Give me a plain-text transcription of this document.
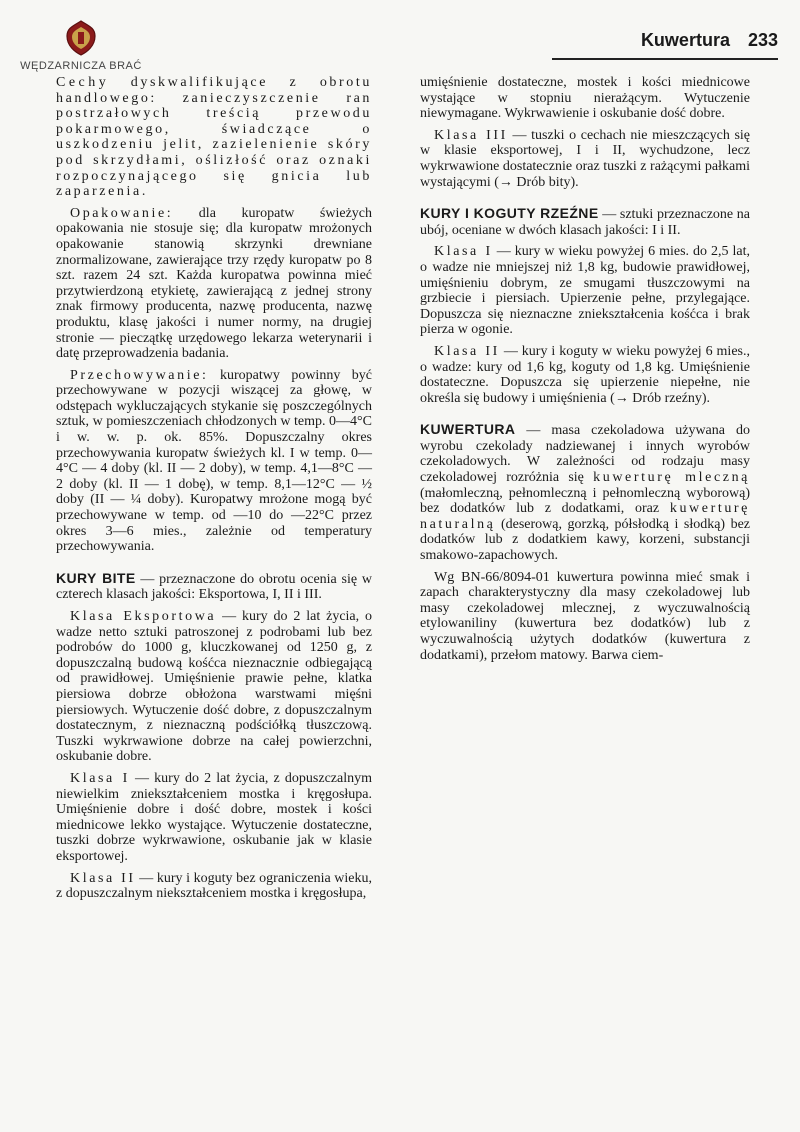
WĘDZARNICZA BRAĆ
Kuwertura 233

Cechy dyskwalifikujące z obrotu handlowego: zanieczyszczenie ran postrzałowych treścią przewodu pokarmowego, świadczące o uszkodzeniu jelit, zazielenienie skóry pod skrzydłami, oślizłość oraz oznaki rozpoczynającego się gnicia lub zaparzenia.

Opakowanie: dla kuropatw świeżych opakowania nie stosuje się; dla kuropatw mrożonych opakowanie stanowią skrzynki drewniane znormalizowane, zawierające trzy rzędy kuropatw po 8 szt. razem 24 szt. Każda kuropatwa powinna mieć przytwierdzoną etykietę, zawierającą z jednej strony znak firmowy producenta, nazwę producenta, nazwę produktu, klasę jakości i numer normy, na drugiej stronie — pieczątkę urzędowego lekarza weterynarii i datę przeprowadzenia badania.

Przechowywanie: kuropatwy powinny być przechowywane w pozycji wiszącej za głowę, w odstępach wykluczających stykanie się poszczególnych sztuk, w pomieszczeniach chłodzonych w temp. 0—4°C i w. w. p. ok. 85%. Dopuszczalny okres przechowywania kuropatw świeżych kl. I w temp. 0—4°C — 4 doby (kl. II — 2 doby), w temp. 4,1—8°C — 2 doby (kl. II — 1 dobę), w temp. 8,1—12°C — ½ doby (II — ¼ doby). Kuropatwy mrożone mogą być przechowywane w temp. od —10 do —22°C przez okres 3—6 mies., zależnie od temperatury przechowywania.

KURY BITE — przeznaczone do obrotu ocenia się w czterech klasach jakości: Eksportowa, I, II i III.

Klasa Eksportowa — kury do 2 lat życia, o wadze netto sztuki patroszonej z podrobami lub bez podrobów do 1000 g, kluczkowanej od 1250 g, z dopuszczalną budową kośćca nieznacznie odbiegającą od prawidłowej. Umięśnienie prawie pełne, klatka piersiowa dobrze obłożona warstwami mięśni piersiowych. Wytuczenie dość dobre, z dopuszczalnym dostatecznym, z nieznaczną podściółką tłuszczową. Tuszki wykrwawione dobrze na całej powierzchni, oskubanie dobre.

Klasa I — kury do 2 lat życia, z dopuszczalnym niewielkim zniekształceniem mostka i kręgosłupa. Umięśnienie dobre i dość dobre, mostek i kości miednicowe lekko wystające. Wytuczenie dostateczne, tuszki dobrze wykrwawione, oskubanie jak w klasie eksportowej.

Klasa II — kury i koguty bez ograniczenia wieku, z dopuszczalnym niekształceniem mostka i kręgosłupa,

umięśnienie dostateczne, mostek i kości miednicowe wystające w stopniu nierażącym. Wytuczenie niewymagane. Wykrwawienie i oskubanie dość dobre.

Klasa III — tuszki o cechach nie mieszczących się w klasie eksportowej, I i II, wychudzone, lecz wykrwawione dostatecznie oraz tuszki z rażącymi pałkami wystającymi (→ Drób bity).

KURY I KOGUTY RZEŹNE — sztuki przeznaczone na ubój, oceniane w dwóch klasach jakości: I i II.

Klasa I — kury w wieku powyżej 6 mies. do 2,5 lat, o wadze nie mniejszej niż 1,8 kg, budowie prawidłowej, umięśnieniu dobrym, ze smugami tłuszczowymi na grzbiecie i piersiach. Upierzenie pełne, przylegające. Dopuszcza się nieznaczne zniekształcenia kośćca i brak pierza w ogonie.

Klasa II — kury i koguty w wieku powyżej 6 mies., o wadze: kury od 1,6 kg, koguty od 1,8 kg. Umięśnienie dostateczne. Dopuszcza się upierzenie niepełne, nie określa się budowy i umięśnienia (→ Drób rzeźny).

KUWERTURA — masa czekoladowa używana do wyrobu czekolady nadziewanej i innych wyrobów czekoladowych. W zależności od rodzaju masy czekoladowej rozróżnia się kuwerturę mleczną (małomleczną, pełnomleczną i pełnomleczną wyborową) bez dodatków lub z dodatkami, oraz kuwerturę naturalną (deserową, gorzką, półsłodką i słodką) bez dodatków lub z dodatkiem kawy, korzeni, substancji smakowo-zapachowych.

Wg BN-66/8094-01 kuwertura powinna mieć smak i zapach charakterystyczny dla masy czekoladowej lub masy czekoladowej mlecznej, z wyczuwalnością etylowaniliny (kuwertura bez dodatków) lub z wyczuwalnością użytych dodatków (kuwertura z dodatkami), przełom matowy. Barwa ciem-
